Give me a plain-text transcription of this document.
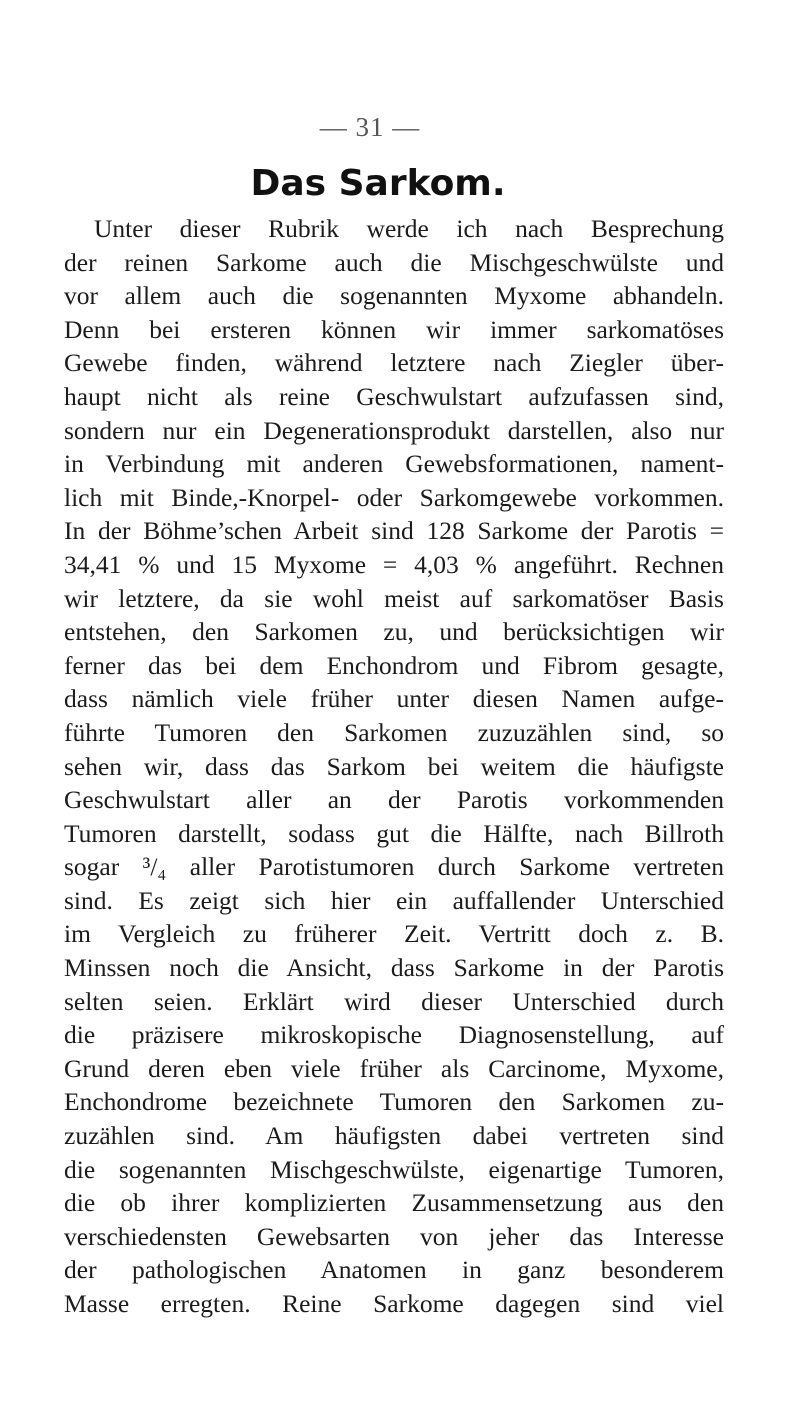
— 31 —
Das Sarkom.
Unter dieser Rubrik werde ich nach Besprechung
der reinen Sarkome auch die Mischgeschwülste und
vor allem auch die sogenannten Myxome abhandeln.
Denn bei ersteren können wir immer sarkomatöses
Gewebe finden, während letztere nach Ziegler über-
haupt nicht als reine Geschwulstart aufzufassen sind,
sondern nur ein Degenerationsprodukt darstellen, also nur
in Verbindung mit anderen Gewebsformationen, nament-
lich mit Binde,-Knorpel- oder Sarkomgewebe vorkommen.
In der Böhme’schen Arbeit sind 128 Sarkome der Parotis =
34,41 % und 15 Myxome = 4,03 % angeführt. Rechnen
wir letztere, da sie wohl meist auf sarkomatöser Basis
entstehen, den Sarkomen zu, und berücksichtigen wir
ferner das bei dem Enchondrom und Fibrom gesagte,
dass nämlich viele früher unter diesen Namen aufge-
führte Tumoren den Sarkomen zuzuzählen sind, so
sehen wir, dass das Sarkom bei weitem die häufigste
Geschwulstart aller an der Parotis vorkommenden
Tumoren darstellt, sodass gut die Hälfte, nach Billroth
sogar ³/₄ aller Parotistumoren durch Sarkome vertreten
sind. Es zeigt sich hier ein auffallender Unterschied
im Vergleich zu früherer Zeit. Vertritt doch z. B.
Minssen noch die Ansicht, dass Sarkome in der Parotis
selten seien. Erklärt wird dieser Unterschied durch
die präzisere mikroskopische Diagnosenstellung, auf
Grund deren eben viele früher als Carcinome, Myxome,
Enchondrome bezeichnete Tumoren den Sarkomen zu-
zuzählen sind. Am häufigsten dabei vertreten sind
die sogenannten Mischgeschwülste, eigenartige Tumoren,
die ob ihrer komplizierten Zusammensetzung aus den
verschiedensten Gewebsarten von jeher das Interesse
der pathologischen Anatomen in ganz besonderem
Masse erregten. Reine Sarkome dagegen sind viel
